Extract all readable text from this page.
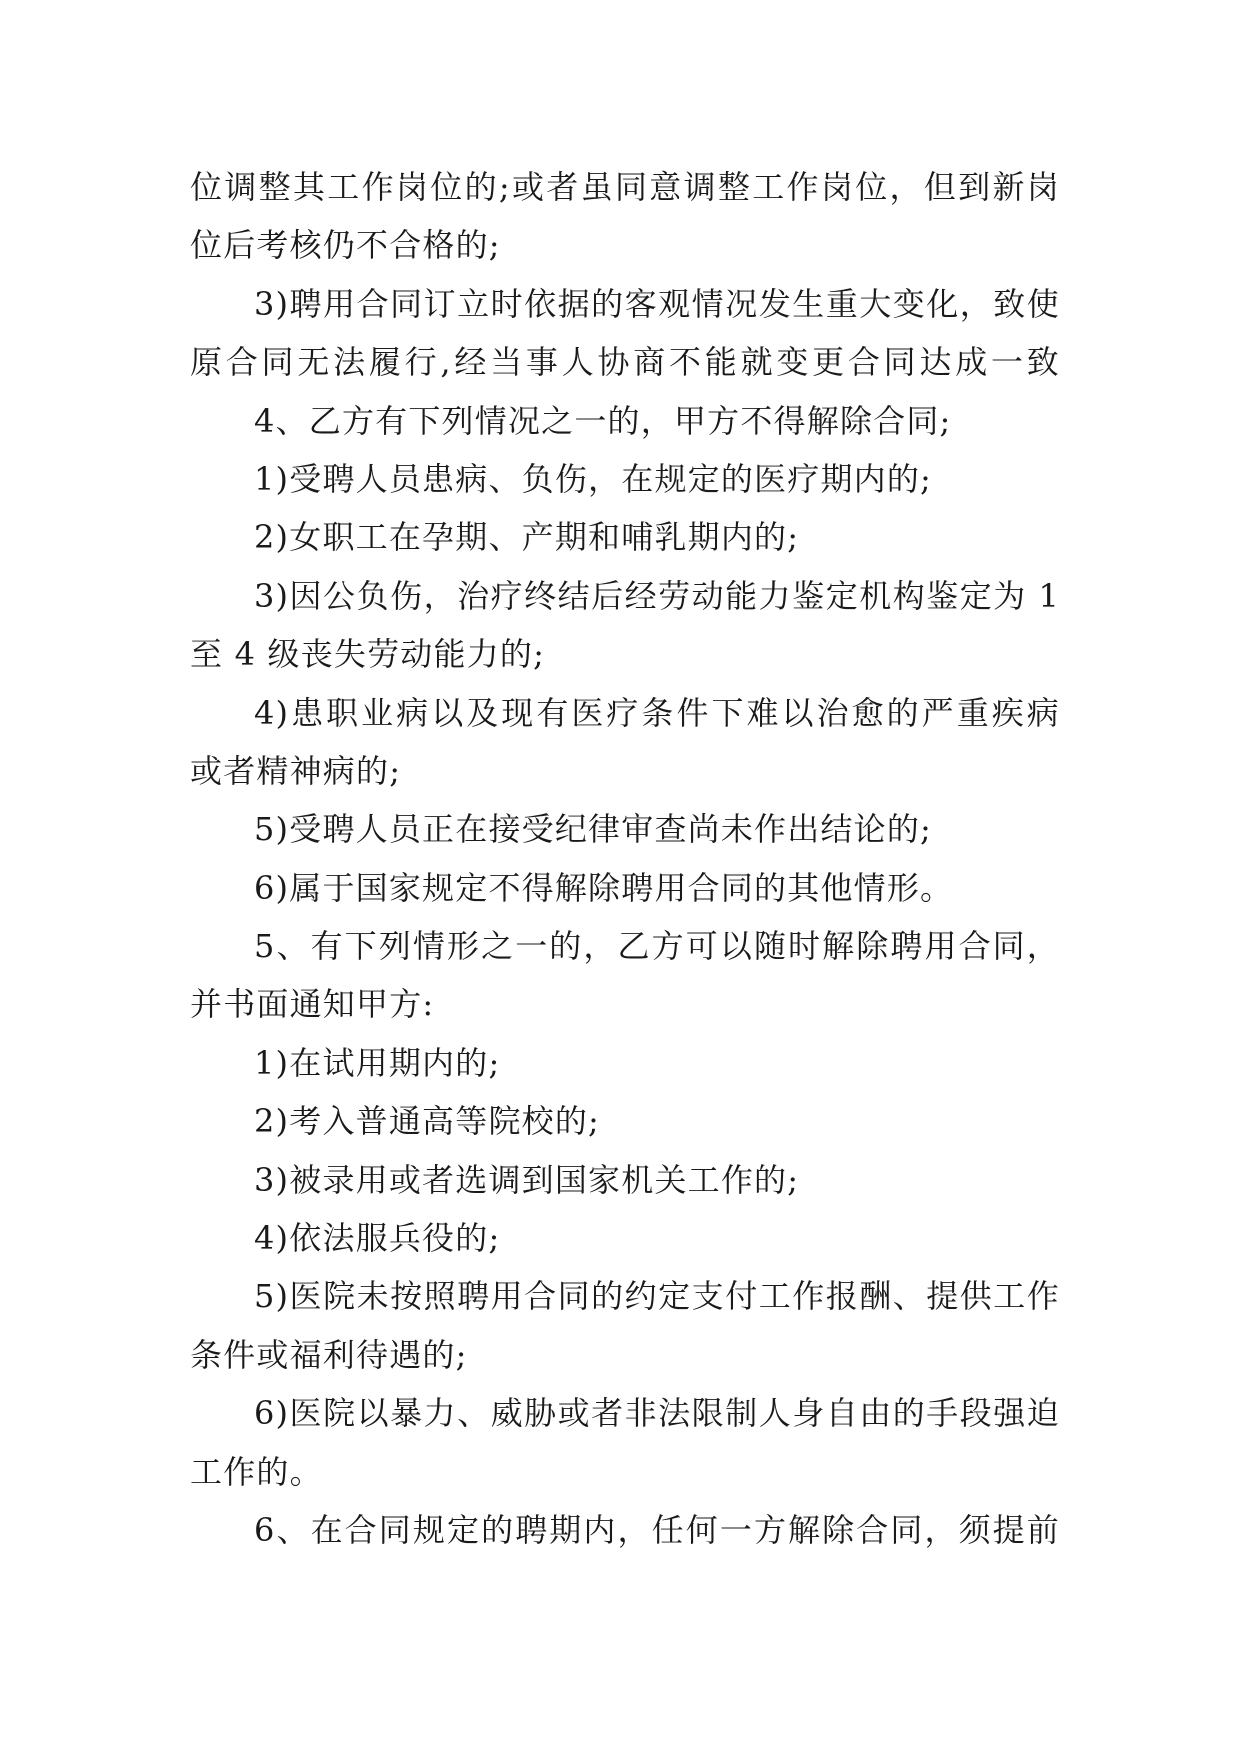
位调整其工作岗位的;或者虽同意调整工作岗位，但到新岗
位后考核仍不合格的;
3)聘用合同订立时依据的客观情况发生重大变化，致使
原合同无法履行,经当事人协商不能就变更合同达成一致
4、乙方有下列情况之一的，甲方不得解除合同;
1)受聘人员患病、负伤，在规定的医疗期内的;
2)女职工在孕期、产期和哺乳期内的;
3)因公负伤，治疗终结后经劳动能力鉴定机构鉴定为 1
至 4 级丧失劳动能力的;
4)患职业病以及现有医疗条件下难以治愈的严重疾病
或者精神病的;
5)受聘人员正在接受纪律审查尚未作出结论的;
6)属于国家规定不得解除聘用合同的其他情形。
5、有下列情形之一的，乙方可以随时解除聘用合同，
并书面通知甲方:
1)在试用期内的;
2)考入普通高等院校的;
3)被录用或者选调到国家机关工作的;
4)依法服兵役的;
5)医院未按照聘用合同的约定支付工作报酬、提供工作
条件或福利待遇的;
6)医院以暴力、威胁或者非法限制人身自由的手段强迫
工作的。
6、在合同规定的聘期内，任何一方解除合同，须提前
